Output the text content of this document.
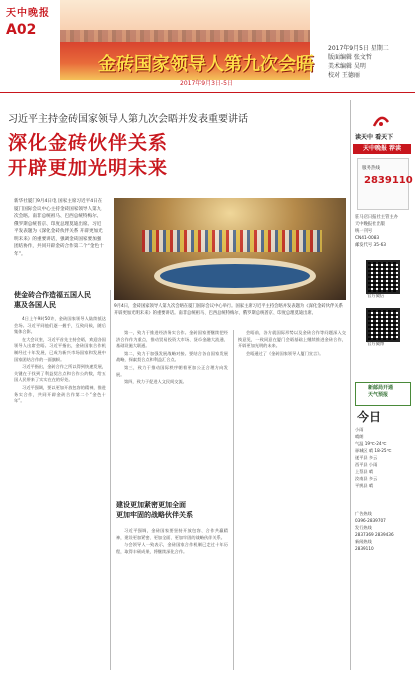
天中晚报
A02
金砖国家领导人第九次会晤
2017年9月3日-5日
2017年9月5日 星期二
版面编辑 张文哲
美术编辑 吴明
校对 王德丽
习近平主持金砖国家领导人第九次会晤并发表重要讲话
深化金砖伙伴关系
开辟更加光明未来

新华社厦门9月4日电 国家主席习近平4日在厦门国际会议中心主持金砖国家领导人第九次会晤。南非总统祖马、巴西总统特梅尔、俄罗斯总统普京、印度总理莫迪出席。习近平发表题为《深化金砖伙伴关系 开辟更加光明未来》的重要讲话，强调金砖国家要加强团结协作，共同开辟金砖合作第二个“金色十年”。

9月4日，金砖国家领导人第九次会晤在厦门国际会议中心举行。国家主席习近平主持会晤并发表题为《深化金砖伙伴关系 开辟更加光明未来》的重要讲话。南非总统祖马、巴西总统特梅尔、俄罗斯总统普京、印度总理莫迪出席。
使金砖合作造福五国人民
惠及各国人民

4日上午9时50许，金砖国家领导人陆续抵达会场。习近平同他们逐一握手，互致问候，随后集体合影。

在大会议室，习近平首先主持会晤，欢迎各国领导人出席会晤。习近平指出，金砖国家合作机制经过十年发展，已成为新兴市场国家和发展中国家团结合作的一面旗帜。

习近平指出，金砖合作之所以得到快速发展，关键在于找到了利益契合点和合作公约数，给五国人民带来了实实在在的好处。

习近平强调，要以更加开放包容的精神，推进务实合作，共同开辟金砖合作第二个“金色十年”。

第一，致力于推进经济务实合作。金砖国家要继续把经济合作作为重点，推动贸易投资大市场、货币金融大流通、基础设施大联通。

第二，致力于加强发展战略对接。要结合各自国家发展战略，探索契合点和利益汇合点。

第三，致力于推动国际秩序朝着更加公正合理方向发展。

第四，致力于促进人文民间交流。

建设更加紧密更加全面
更加牢固的战略伙伴关系

习近平强调，金砖国家要坚持开放包容、合作共赢精神，建设更加紧密、更加全面、更加牢固的战略伙伴关系。

与会领导人一致表示，金砖国家合作机制已走过十年历程，取得丰硕成果，将继续深化合作。

会晤前，各方就国际形势以及金砖合作等问题深入交换意见，一致同意在厦门会晤基础上继续推进金砖合作，开辟更加光明的未来。

会晤通过了《金砖国家领导人厦门宣言》。

读天中 看天下
天中晚报 荐读
服务热线
2839110
驻马店日报社主管主办
天中晚报社出版
统一刊号
CN41-0083
邮发代号 35-63
官方微信
官方微博
新邮局开通
天气预报
今日
小雨
晴朗
气温 19℃-24℃
驿城区 晴 18-25℃
遂平县 多云
西平县 小雨
上蔡县 晴
汝南县 多云
平舆县 晴
广告热线
0396-2839707
发行热线
2837369 2839436
新闻热线
2839110
